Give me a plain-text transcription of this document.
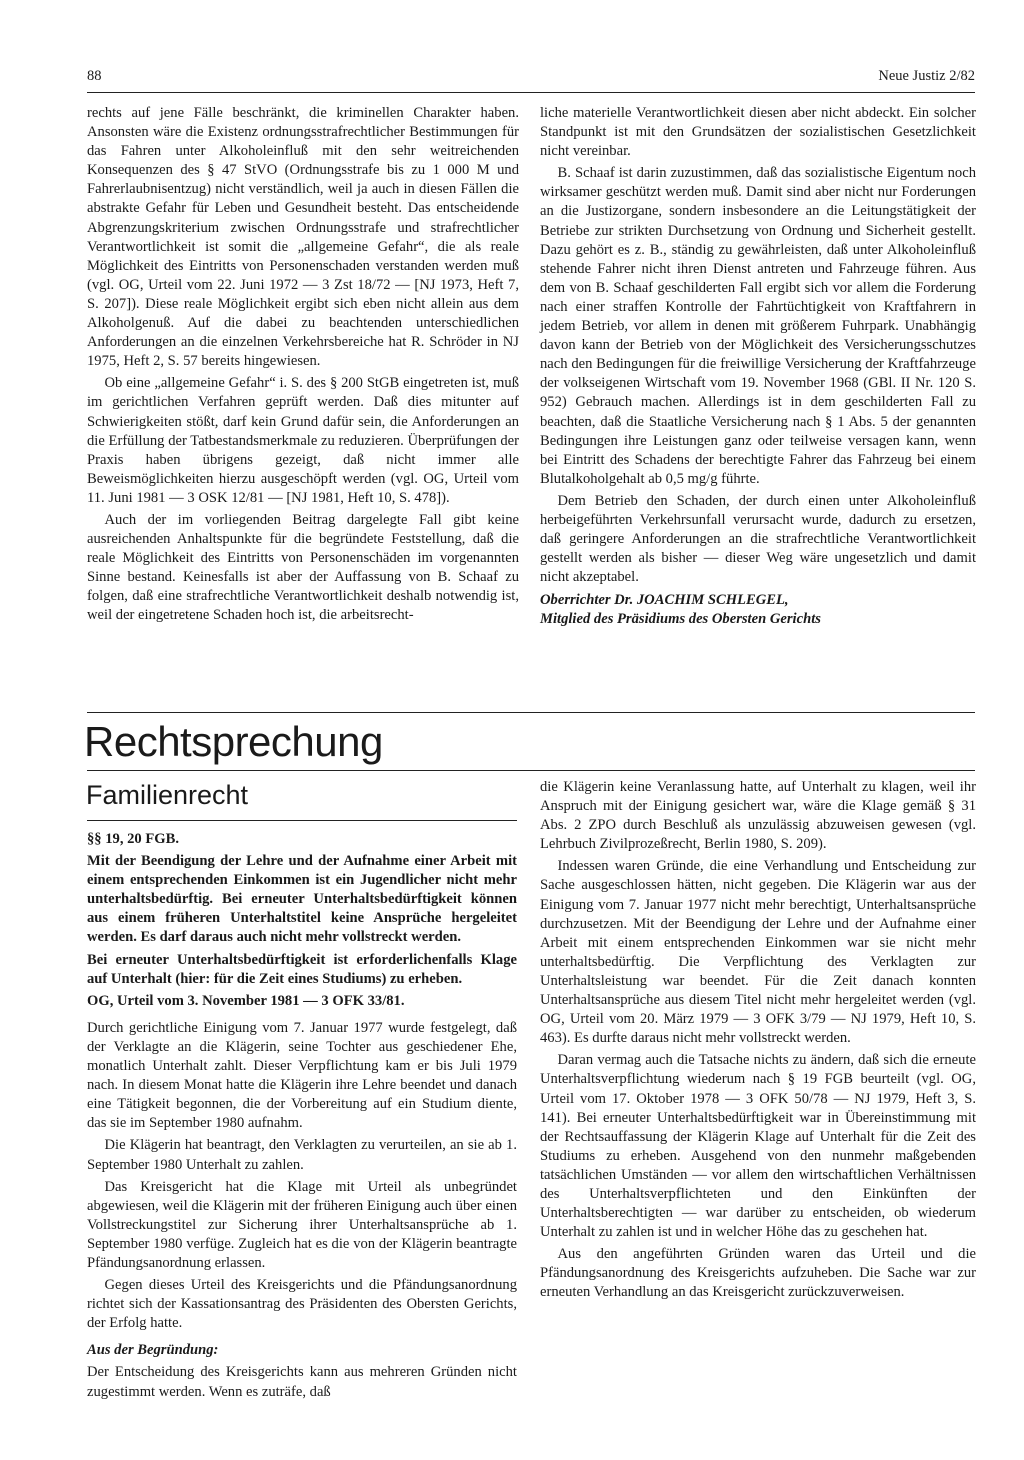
88	Neue Justiz 2/82

rechts auf jene Fälle beschränkt, die kriminellen Charakter haben. Ansonsten wäre die Existenz ordnungsstrafrechtlicher Bestimmungen für das Fahren unter Alkoholeinfluß mit den sehr weitreichenden Konsequenzen des § 47 StVO (Ordnungsstrafe bis zu 1 000 M und Fahrerlaubnisentzug) nicht verständlich, weil ja auch in diesen Fällen die abstrakte Gefahr für Leben und Gesundheit besteht. Das entscheidende Abgrenzungskriterium zwischen Ordnungsstrafe und strafrechtlicher Verantwortlichkeit ist somit die „allgemeine Gefahr“, die als reale Möglichkeit des Eintritts von Personenschaden verstanden werden muß (vgl. OG, Urteil vom 22. Juni 1972 — 3 Zst 18/72 — [NJ 1973, Heft 7, S. 207]). Diese reale Möglichkeit ergibt sich eben nicht allein aus dem Alkoholgenuß. Auf die dabei zu beachtenden unterschiedlichen Anforderungen an die einzelnen Verkehrsbereiche hat R. Schröder in NJ 1975, Heft 2, S. 57 bereits hingewiesen.

Ob eine „allgemeine Gefahr“ i. S. des § 200 StGB eingetreten ist, muß im gerichtlichen Verfahren geprüft werden. Daß dies mitunter auf Schwierigkeiten stößt, darf kein Grund dafür sein, die Anforderungen an die Erfüllung der Tatbestandsmerkmale zu reduzieren. Überprüfungen der Praxis haben übrigens gezeigt, daß nicht immer alle Beweismöglichkeiten hierzu ausgeschöpft werden (vgl. OG, Urteil vom 11. Juni 1981 — 3 OSK 12/81 — [NJ 1981, Heft 10, S. 478]).

Auch der im vorliegenden Beitrag dargelegte Fall gibt keine ausreichenden Anhaltspunkte für die begründete Feststellung, daß die reale Möglichkeit des Eintritts von Personenschäden im vorgenannten Sinne bestand. Keinesfalls ist aber der Auffassung von B. Schaaf zu folgen, daß eine strafrechtliche Verantwortlichkeit deshalb notwendig ist, weil der eingetretene Schaden hoch ist, die arbeitsrecht-

liche materielle Verantwortlichkeit diesen aber nicht abdeckt. Ein solcher Standpunkt ist mit den Grundsätzen der sozialistischen Gesetzlichkeit nicht vereinbar.

B. Schaaf ist darin zuzustimmen, daß das sozialistische Eigentum noch wirksamer geschützt werden muß. Damit sind aber nicht nur Forderungen an die Justizorgane, sondern insbesondere an die Leitungstätigkeit der Betriebe zur strikten Durchsetzung von Ordnung und Sicherheit gestellt. Dazu gehört es z. B., ständig zu gewährleisten, daß unter Alkoholeinfluß stehende Fahrer nicht ihren Dienst antreten und Fahrzeuge führen. Aus dem von B. Schaaf geschilderten Fall ergibt sich vor allem die Forderung nach einer straffen Kontrolle der Fahrtüchtigkeit von Kraftfahrern in jedem Betrieb, vor allem in denen mit größerem Fuhrpark. Unabhängig davon kann der Betrieb von der Möglichkeit des Versicherungsschutzes nach den Bedingungen für die freiwillige Versicherung der Kraftfahrzeuge der volkseigenen Wirtschaft vom 19. November 1968 (GBl. II Nr. 120 S. 952) Gebrauch machen. Allerdings ist in dem geschilderten Fall zu beachten, daß die Staatliche Versicherung nach § 1 Abs. 5 der genannten Bedingungen ihre Leistungen ganz oder teilweise versagen kann, wenn bei Eintritt des Schadens der berechtigte Fahrer das Fahrzeug bei einem Blutalkoholgehalt ab 0,5 mg/g führte.

Dem Betrieb den Schaden, der durch einen unter Alkoholeinfluß herbeigeführten Verkehrsunfall verursacht wurde, dadurch zu ersetzen, daß geringere Anforderungen an die strafrechtliche Verantwortlichkeit gestellt werden als bisher — dieser Weg wäre ungesetzlich und damit nicht akzeptabel.

Oberrichter Dr. JOACHIM SCHLEGEL,
Mitglied des Präsidiums des Obersten Gerichts

Rechtsprechung
Familienrecht

§§ 19, 20 FGB.

Mit der Beendigung der Lehre und der Aufnahme einer Arbeit mit einem entsprechenden Einkommen ist ein Jugendlicher nicht mehr unterhaltsbedürftig. Bei erneuter Unterhaltsbedürftigkeit können aus einem früheren Unterhaltstitel keine Ansprüche hergeleitet werden. Es darf daraus auch nicht mehr vollstreckt werden.

Bei erneuter Unterhaltsbedürftigkeit ist erforderlichenfalls Klage auf Unterhalt (hier: für die Zeit eines Studiums) zu erheben.

OG, Urteil vom 3. November 1981 — 3 OFK 33/81.

Durch gerichtliche Einigung vom 7. Januar 1977 wurde festgelegt, daß der Verklagte an die Klägerin, seine Tochter aus geschiedener Ehe, monatlich Unterhalt zahlt. Dieser Verpflichtung kam er bis Juli 1979 nach. In diesem Monat hatte die Klägerin ihre Lehre beendet und danach eine Tätigkeit begonnen, die der Vorbereitung auf ein Studium diente, das sie im September 1980 aufnahm.

Die Klägerin hat beantragt, den Verklagten zu verurteilen, an sie ab 1. September 1980 Unterhalt zu zahlen.

Das Kreisgericht hat die Klage mit Urteil als unbegründet abgewiesen, weil die Klägerin mit der früheren Einigung auch über einen Vollstreckungstitel zur Sicherung ihrer Unterhaltsansprüche ab 1. September 1980 verfüge. Zugleich hat es die von der Klägerin beantragte Pfändungsanordnung erlassen.

Gegen dieses Urteil des Kreisgerichts und die Pfändungsanordnung richtet sich der Kassationsantrag des Präsidenten des Obersten Gerichts, der Erfolg hatte.

Aus der Begründung:

Der Entscheidung des Kreisgerichts kann aus mehreren Gründen nicht zugestimmt werden. Wenn es zuträfe, daß

die Klägerin keine Veranlassung hatte, auf Unterhalt zu klagen, weil ihr Anspruch mit der Einigung gesichert war, wäre die Klage gemäß § 31 Abs. 2 ZPO durch Beschluß als unzulässig abzuweisen gewesen (vgl. Lehrbuch Zivilprozeßrecht, Berlin 1980, S. 209).

Indessen waren Gründe, die eine Verhandlung und Entscheidung zur Sache ausgeschlossen hätten, nicht gegeben. Die Klägerin war aus der Einigung vom 7. Januar 1977 nicht mehr berechtigt, Unterhaltsansprüche durchzusetzen. Mit der Beendigung der Lehre und der Aufnahme einer Arbeit mit einem entsprechenden Einkommen war sie nicht mehr unterhaltsbedürftig. Die Verpflichtung des Verklagten zur Unterhaltsleistung war beendet. Für die Zeit danach konnten Unterhaltsansprüche aus diesem Titel nicht mehr hergeleitet werden (vgl. OG, Urteil vom 20. März 1979 — 3 OFK 3/79 — NJ 1979, Heft 10, S. 463). Es durfte daraus nicht mehr vollstreckt werden.

Daran vermag auch die Tatsache nichts zu ändern, daß sich die erneute Unterhaltsverpflichtung wiederum nach § 19 FGB beurteilt (vgl. OG, Urteil vom 17. Oktober 1978 — 3 OFK 50/78 — NJ 1979, Heft 3, S. 141). Bei erneuter Unterhaltsbedürftigkeit war in Übereinstimmung mit der Rechtsauffassung der Klägerin Klage auf Unterhalt für die Zeit des Studiums zu erheben. Ausgehend von den nunmehr maßgebenden tatsächlichen Umständen — vor allem den wirtschaftlichen Verhältnissen des Unterhaltsverpflichteten und den Einkünften der Unterhaltsberechtigten — war darüber zu entscheiden, ob wiederum Unterhalt zu zahlen ist und in welcher Höhe das zu geschehen hat.

Aus den angeführten Gründen waren das Urteil und die Pfändungsanordnung des Kreisgerichts aufzuheben. Die Sache war zur erneuten Verhandlung an das Kreisgericht zurückzuverweisen.
